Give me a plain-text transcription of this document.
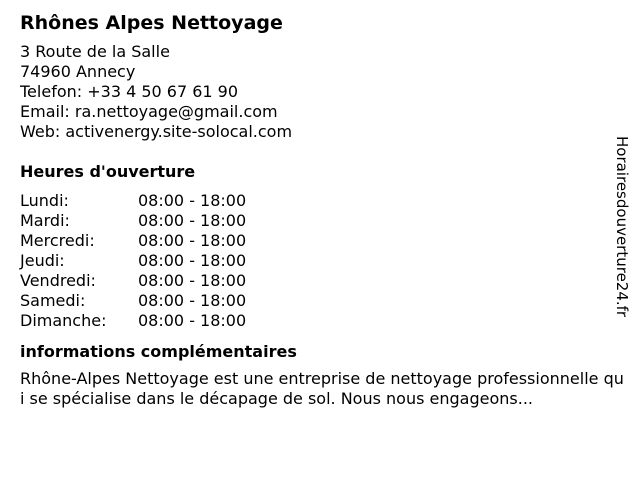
Rhônes Alpes Nettoyage
3 Route de la Salle
74960 Annecy
Telefon: +33 4 50 67 61 90
Email: ra.nettoyage@gmail.com
Web: activenergy.site-solocal.com
Heures d'ouverture
Lundi:	08:00 - 18:00
Mardi:	08:00 - 18:00
Mercredi:	08:00 - 18:00
Jeudi:	08:00 - 18:00
Vendredi:	08:00 - 18:00
Samedi:	08:00 - 18:00
Dimanche:	08:00 - 18:00
informations complémentaires
Rhône-Alpes Nettoyage est une entreprise de nettoyage professionnelle qui se spécialise dans le décapage de sol. Nous nous engageons...
Horairesdouverture24.fr
